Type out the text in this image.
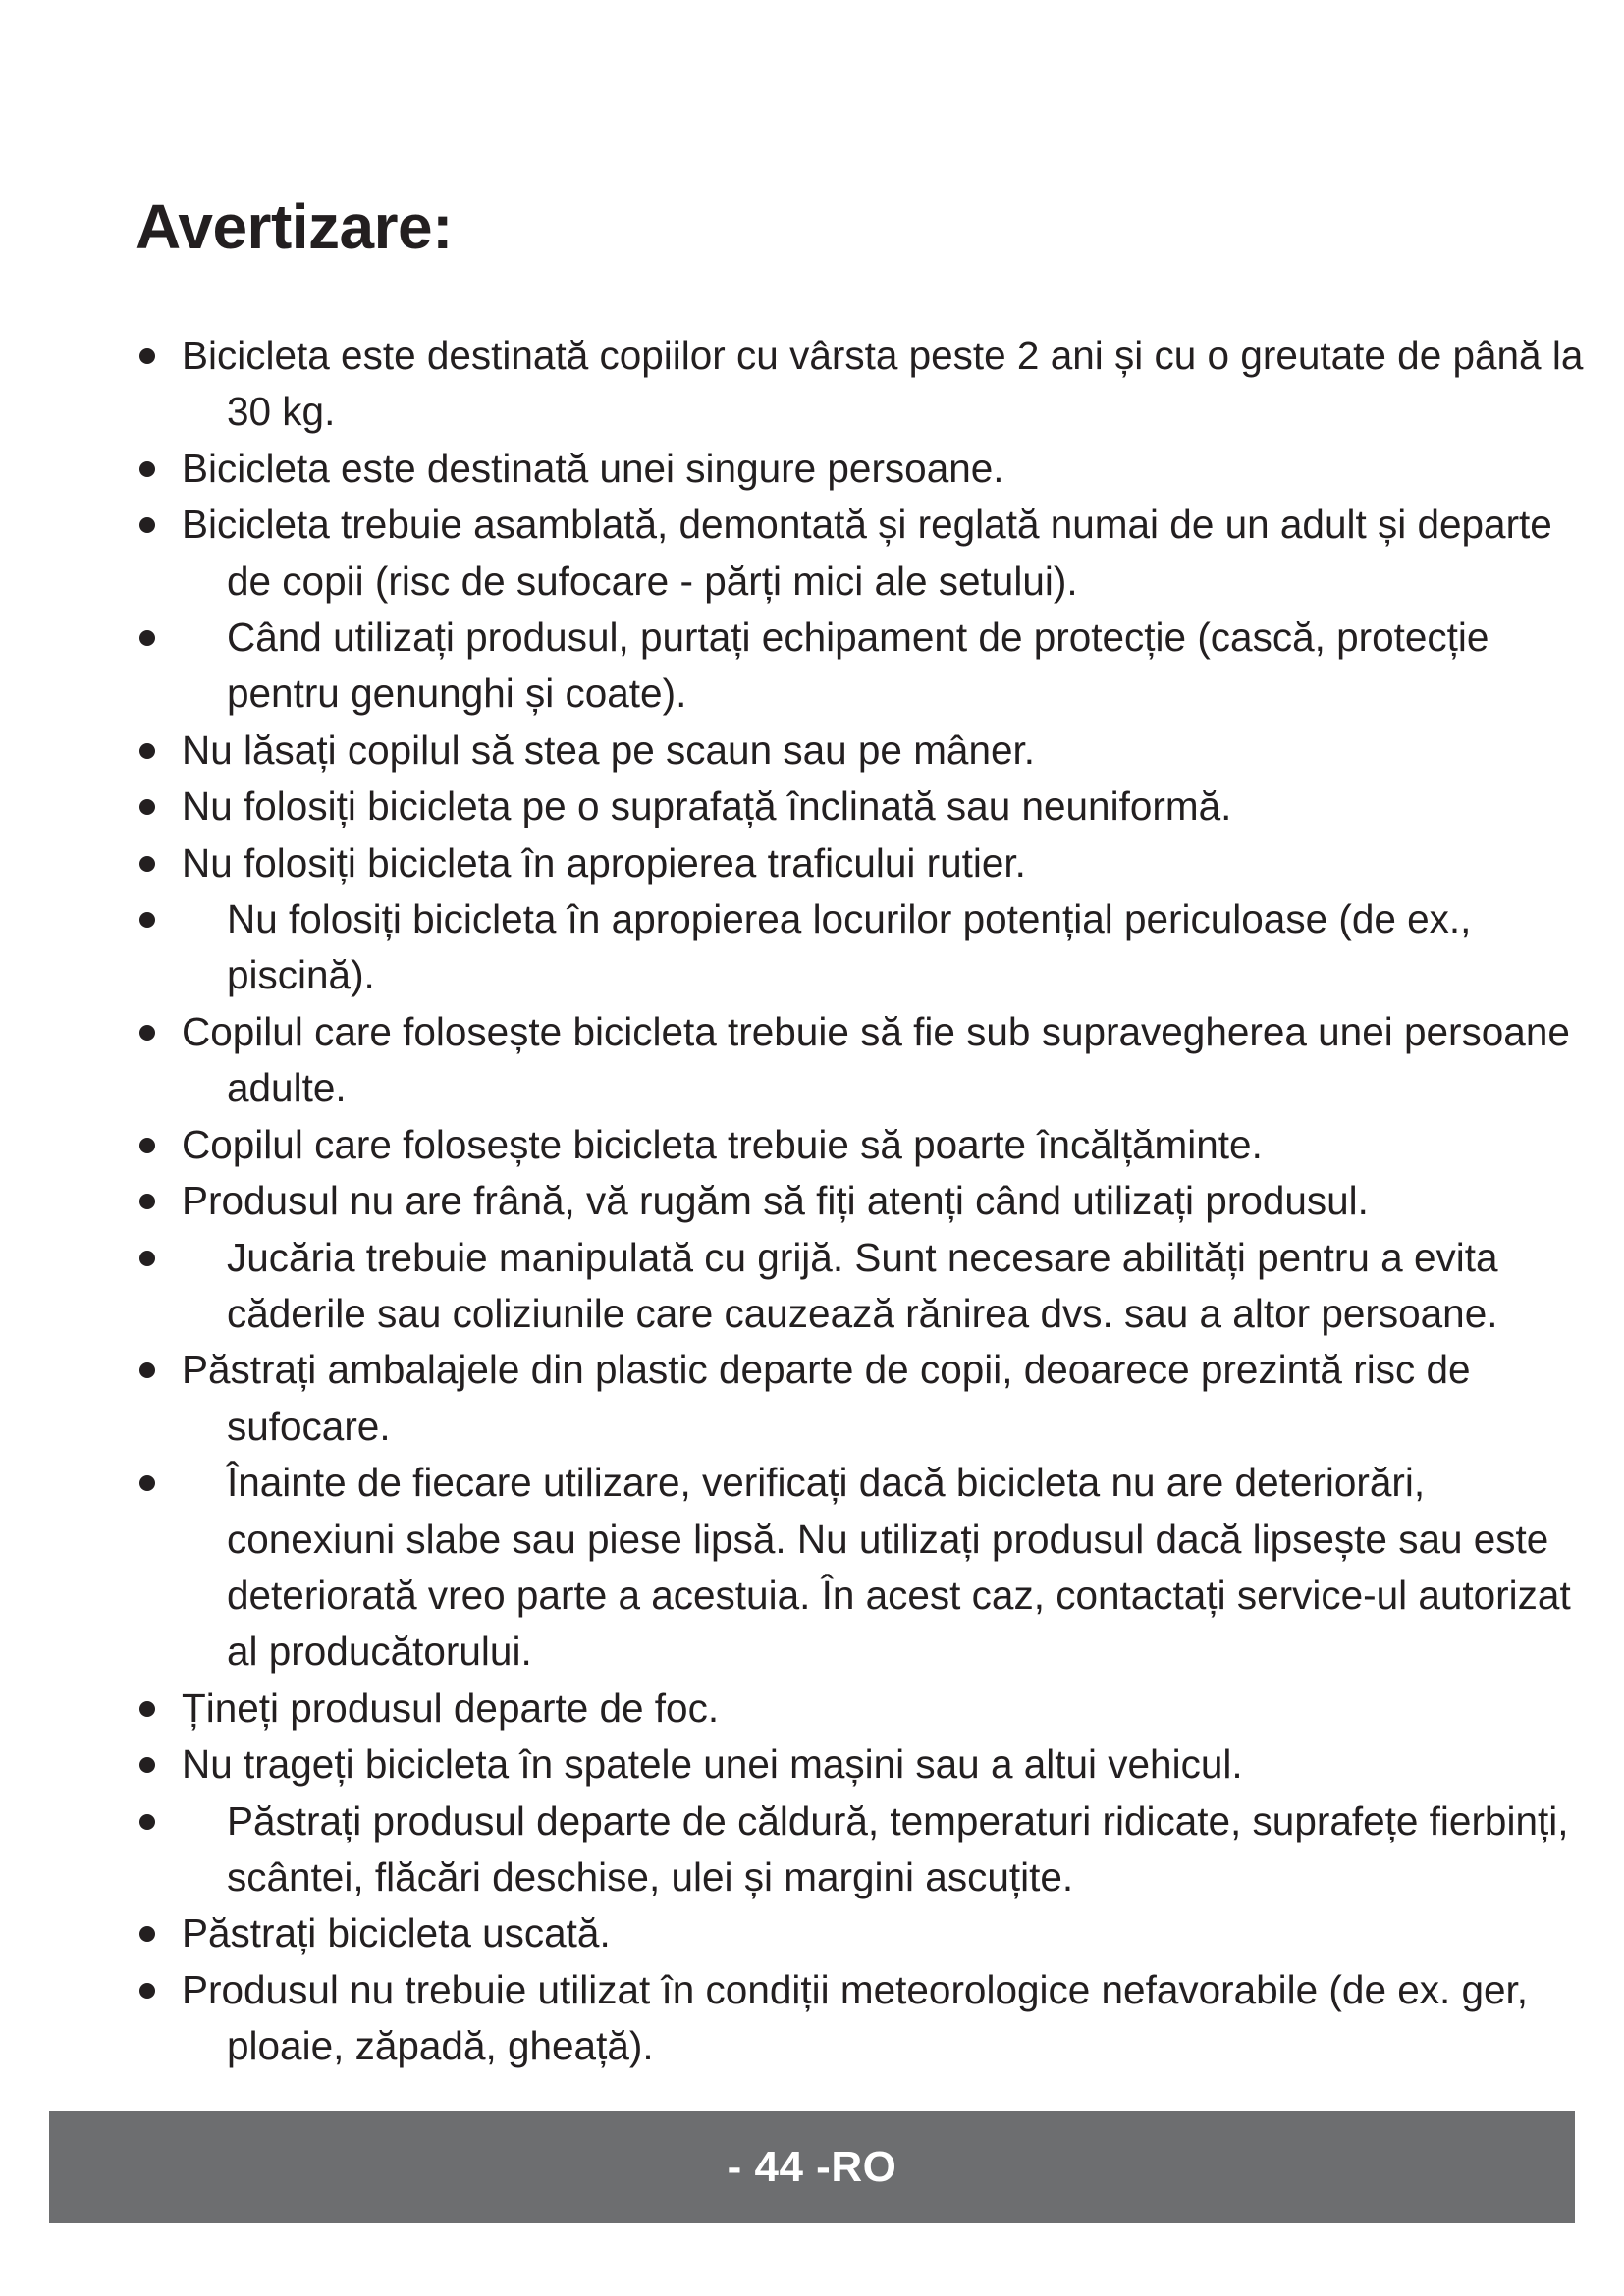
Avertizare:
Bicicleta este destinată copiilor cu vârsta peste 2 ani și cu o greutate de până la 30 kg.
Bicicleta este destinată unei singure persoane.
Bicicleta trebuie asamblată, demontată și reglată numai de un adult și departe de copii (risc de sufocare - părți mici ale setului).
Când utilizați produsul, purtați echipament de protecție (cască, protecție pentru genunghi și coate).
Nu lăsați copilul să stea pe scaun sau pe mâner.
Nu folosiți bicicleta pe o suprafață înclinată sau neuniformă.
Nu folosiți bicicleta în apropierea traficului rutier.
Nu folosiți bicicleta în apropierea locurilor potențial periculoase (de ex., piscină).
Copilul care folosește bicicleta trebuie să fie sub supravegherea unei persoane adulte.
Copilul care folosește bicicleta trebuie să poarte încălțăminte.
Produsul nu are frână, vă rugăm să fiți atenți când utilizați produsul.
Jucăria trebuie manipulată cu grijă. Sunt necesare abilități pentru a evita căderile sau coliziunile care cauzează rănirea dvs. sau a altor persoane.
Păstrați ambalajele din plastic departe de copii, deoarece prezintă risc de sufocare.
Înainte de fiecare utilizare, verificați dacă bicicleta nu are deteriorări, conexiuni slabe sau piese lipsă. Nu utilizați produsul dacă lipsește sau este deteriorată vreo parte a acestuia. În acest caz, contactați service-ul autorizat al producătorului.
Țineți produsul departe de foc.
Nu trageți bicicleta în spatele unei mașini sau a altui vehicul.
Păstrați produsul departe de căldură, temperaturi ridicate, suprafețe fierbinți, scântei, flăcări deschise, ulei și margini ascuțite.
Păstrați bicicleta uscată.
Produsul nu trebuie utilizat în condiții meteorologice nefavorabile (de ex. ger, ploaie, zăpadă, gheață).
- 44 -RO
